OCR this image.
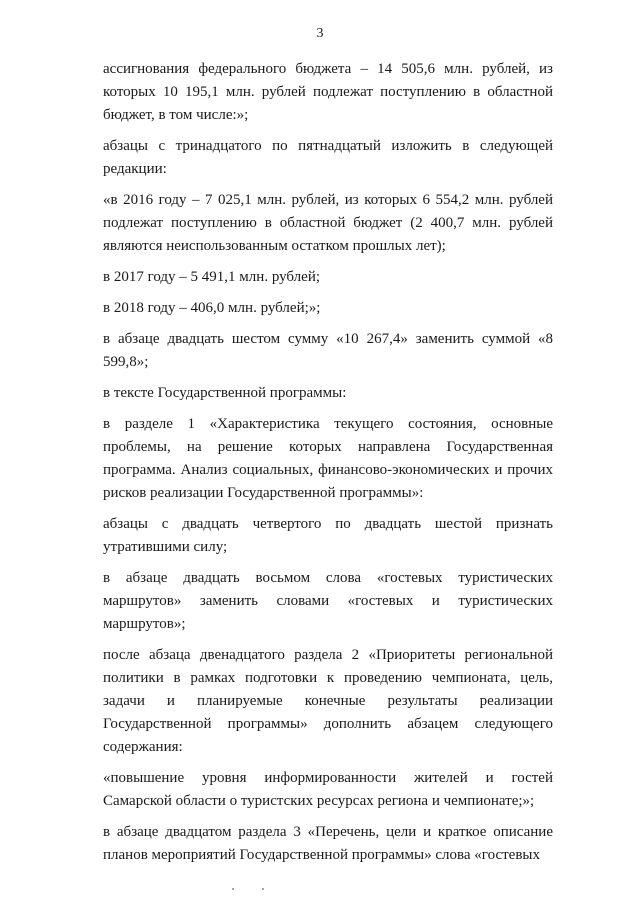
3

ассигнования федерального бюджета – 14 505,6 млн. рублей, из которых 10 195,1 млн. рублей подлежат поступлению в областной бюджет, в том числе:»;

абзацы с тринадцатого по пятнадцатый изложить в следующей редакции:

«в 2016 году – 7 025,1 млн. рублей, из которых 6 554,2 млн. рублей подлежат поступлению в областной бюджет (2 400,7 млн. рублей являются неиспользованным остатком прошлых лет);

в 2017 году – 5 491,1 млн. рублей;

в 2018 году – 406,0 млн. рублей;»;

в абзаце двадцать шестом сумму «10 267,4» заменить суммой «8 599,8»;

в тексте Государственной программы:

в разделе 1 «Характеристика текущего состояния, основные проблемы, на решение которых направлена Государственная программа. Анализ социальных, финансово-экономических и прочих рисков реализации Государственной программы»:

абзацы с двадцать четвертого по двадцать шестой признать утратившими силу;

в абзаце двадцать восьмом слова «гостевых туристических маршрутов» заменить словами «гостевых и туристических маршрутов»;

после абзаца двенадцатого раздела 2 «Приоритеты региональной политики в рамках подготовки к проведению чемпионата, цель, задачи и планируемые конечные результаты реализации Государственной программы» дополнить абзацем следующего содержания:

«повышение уровня информированности жителей и гостей Самарской области о туристских ресурсах региона и чемпионате;»;

в абзаце двадцатом раздела 3 «Перечень, цели и краткое описание планов мероприятий Государственной программы» слова «гостевых
